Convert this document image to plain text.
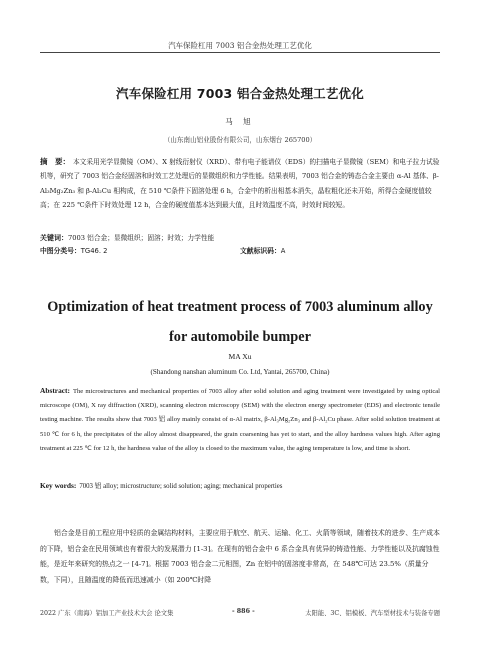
汽车保险杠用 7003 铝合金热处理工艺优化
汽车保险杠用 7003 铝合金热处理工艺优化
马 旭
（山东南山铝业股份有限公司，山东烟台 265700）
摘　要： 本文采用光学显微镜（OM）、X 射线衍射仪（XRD）、带有电子能谱仪（EDS）的扫描电子显微镜（SEM）和电子拉力试验机等，研究了 7003 铝合金经固溶和时效工艺处理后的显微组织和力学性能。结果表明，7003 铝合金的铸态合金主要由 α-Al 基体、β-Al₃Mg₂Zn₃ 和 β-Al₂Cu 相构成，在 510 ℃条件下固溶处理 6 h，合金中的析出相基本消失，晶粒粗化还未开始，所得合金硬度值较高；在 225 ℃条件下时效处理 12 h，合金的硬度值基本达到最大值，且时效温度不高，时效时间较短。
关键词：7003 铝合金；显微组织；固溶；时效；力学性能
中图分类号：TG46. 2	文献标识码：A
Optimization of heat treatment process of 7003 aluminum alloy for automobile bumper
MA Xu
(Shandong nanshan aluminum Co. Ltd, Yantai, 265700, China)
Abstract: The microstructures and mechanical properties of 7003 alloy after solid solution and aging treatment were investigated by using optical microscope (OM), X ray diffraction (XRD), scanning electron microscopy (SEM) with the electron energy spectrometer (EDS) and electronic tensile testing machine. The results show that 7003 铝 alloy mainly consist of α-Al matrix, β-Al₃Mg₂Zn₃ and β-Al₂Cu phase. After solid solution treatment at 510 ℃ for 6 h, the precipitates of the alloy almost disappeared, the grain coarsening has yet to start, and the alloy hardness values high. After aging treatment at 225 ℃ for 12 h, the hardness value of the alloy is closed to the maximum value, the aging temperature is low, and time is short.
Key words: 7003 铝 alloy; microstructure; solid solution; aging; mechanical properties
铝合金是目前工程应用中轻质的金属结构材料，主要应用于航空、航天、运输、化工、火箭等领域，随着技术的进步、生产成本的下降，铝合金在民用领域也有着很大的发展潜力 [1-3]。在现有的铝合金中 6 系合金具有优异的铸造性能、力学性能以及抗腐蚀性能，是近年来研究的热点之一 [4-7]。根据 7003 铝合金二元相图，Zn 在铝中的固溶度非常高，在 548℃可达 23.5%（质量分数，下同），且随温度的降低而迅速减小（如 200℃时降
2022 广东（南海）铝加工产业技术大会 论文集	- 886 -	太阳能、3C、铝模板、汽车型材技术与装备专题
